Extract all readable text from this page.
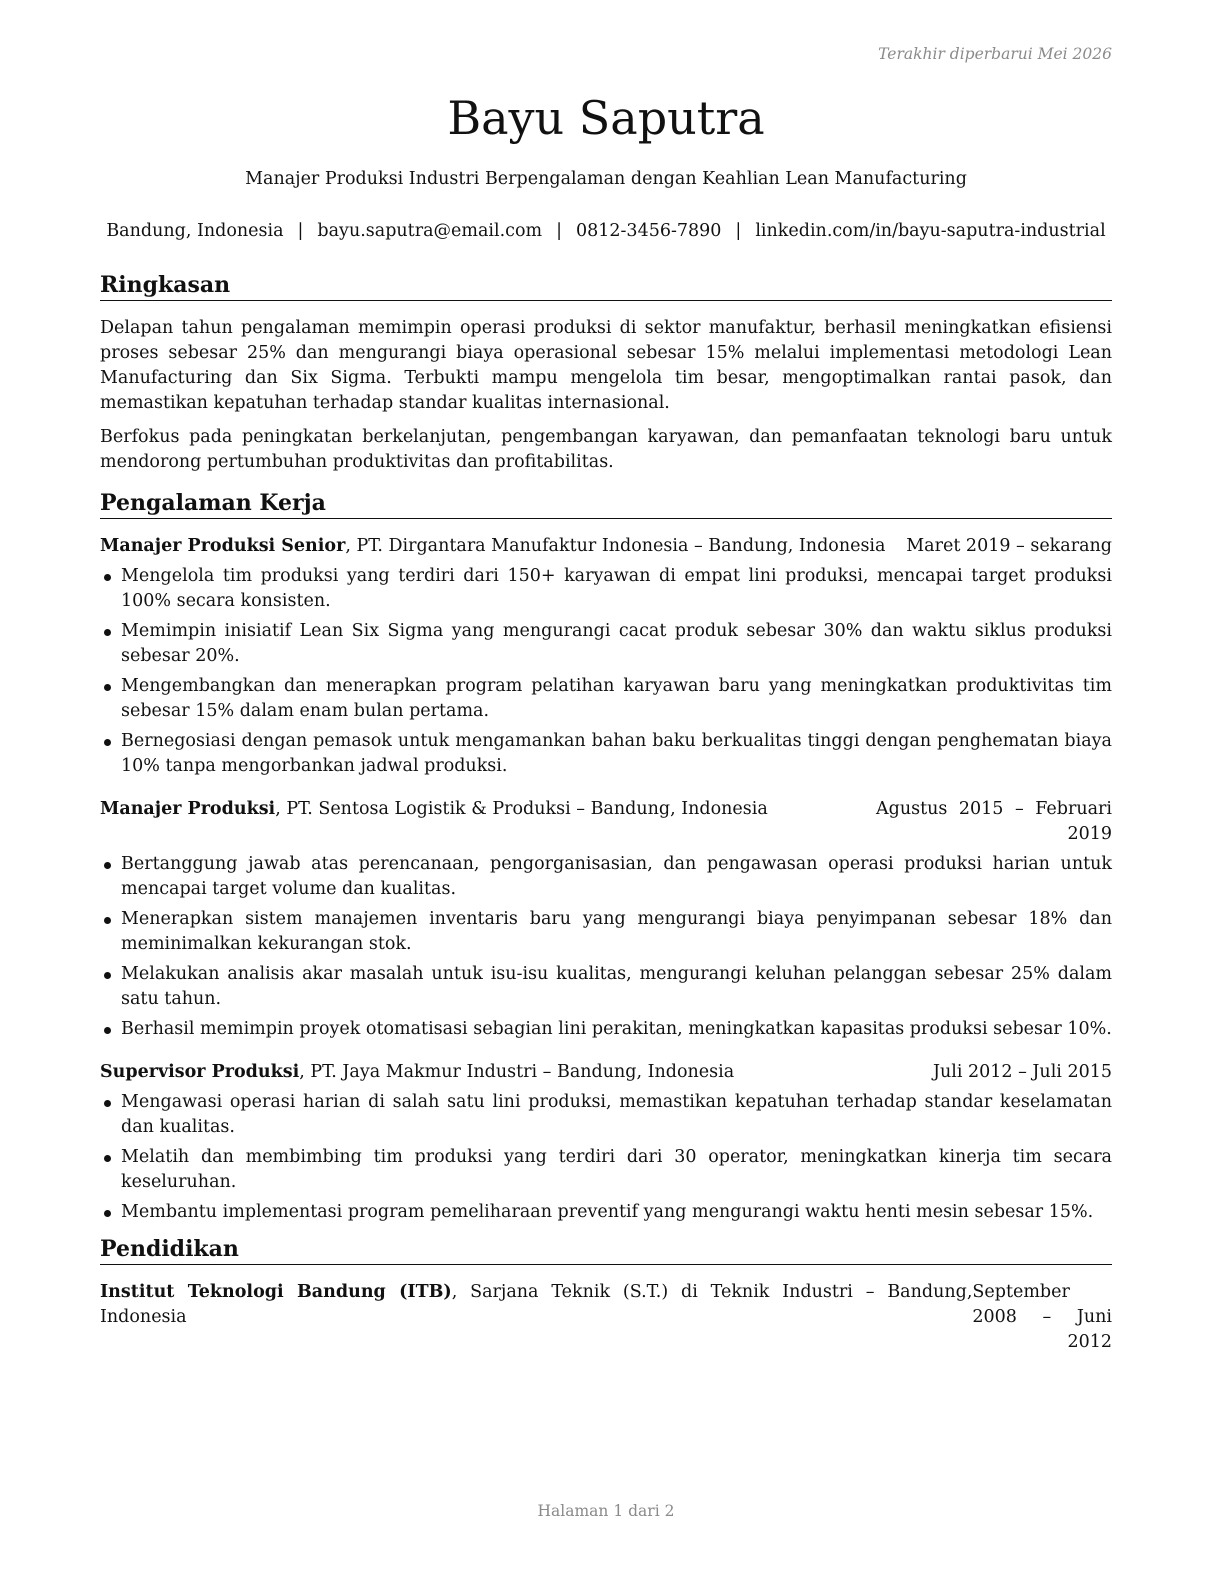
Terakhir diperbarui Mei 2026
Bayu Saputra
Manajer Produksi Industri Berpengalaman dengan Keahlian Lean Manufacturing
Bandung, Indonesia | bayu.saputra@email.com | 0812-3456-7890 | linkedin.com/in/bayu-saputra-industrial
Ringkasan

Delapan tahun pengalaman memimpin operasi produksi di sektor manufaktur, berhasil meningkatkan efisiensi proses sebesar 25% dan mengurangi biaya operasional sebesar 15% melalui implementasi metodologi Lean Manufacturing dan Six Sigma. Terbukti mampu mengelola tim besar, mengoptimalkan rantai pasok, dan memastikan kepatuhan terhadap standar kualitas internasional.

Berfokus pada peningkatan berkelanjutan, pengembangan karyawan, dan pemanfaatan teknologi baru untuk mendorong pertumbuhan produktivitas dan profitabilitas.

Pengalaman Kerja
Manajer Produksi Senior, PT. Dirgantara Manufaktur Indonesia – Bandung, Indonesia	Maret 2019 – sekarang
Mengelola tim produksi yang terdiri dari 150+ karyawan di empat lini produksi, mencapai target produksi 100% secara konsisten.
Memimpin inisiatif Lean Six Sigma yang mengurangi cacat produk sebesar 30% dan waktu siklus produksi sebesar 20%.
Mengembangkan dan menerapkan program pelatihan karyawan baru yang meningkatkan produktivitas tim sebesar 15% dalam enam bulan pertama.
Bernegosiasi dengan pemasok untuk mengamankan bahan baku berkualitas tinggi dengan penghematan biaya 10% tanpa mengorbankan jadwal produksi.
Manajer Produksi, PT. Sentosa Logistik & Produksi – Bandung, Indonesia	Agustus 2015 – Februari 2019
Bertanggung jawab atas perencanaan, pengorganisasian, dan pengawasan operasi produksi harian untuk mencapai target volume dan kualitas.
Menerapkan sistem manajemen inventaris baru yang mengurangi biaya penyimpanan sebesar 18% dan meminimalkan kekurangan stok.
Melakukan analisis akar masalah untuk isu-isu kualitas, mengurangi keluhan pelanggan sebesar 25% dalam satu tahun.
Berhasil memimpin proyek otomatisasi sebagian lini perakitan, meningkatkan kapasitas produksi sebesar 10%.
Supervisor Produksi, PT. Jaya Makmur Industri – Bandung, Indonesia	Juli 2012 – Juli 2015
Mengawasi operasi harian di salah satu lini produksi, memastikan kepatuhan terhadap standar keselamatan dan kualitas.
Melatih dan membimbing tim produksi yang terdiri dari 30 operator, meningkatkan kinerja tim secara keseluruhan.
Membantu implementasi program pemeliharaan preventif yang mengurangi waktu henti mesin sebesar 15%.
Pendidikan
Institut Teknologi Bandung (ITB), Sarjana Teknik (S.T.) di Teknik Industri – Bandung, Indonesia
September 2008 – Juni 2012
Halaman 1 dari 2
